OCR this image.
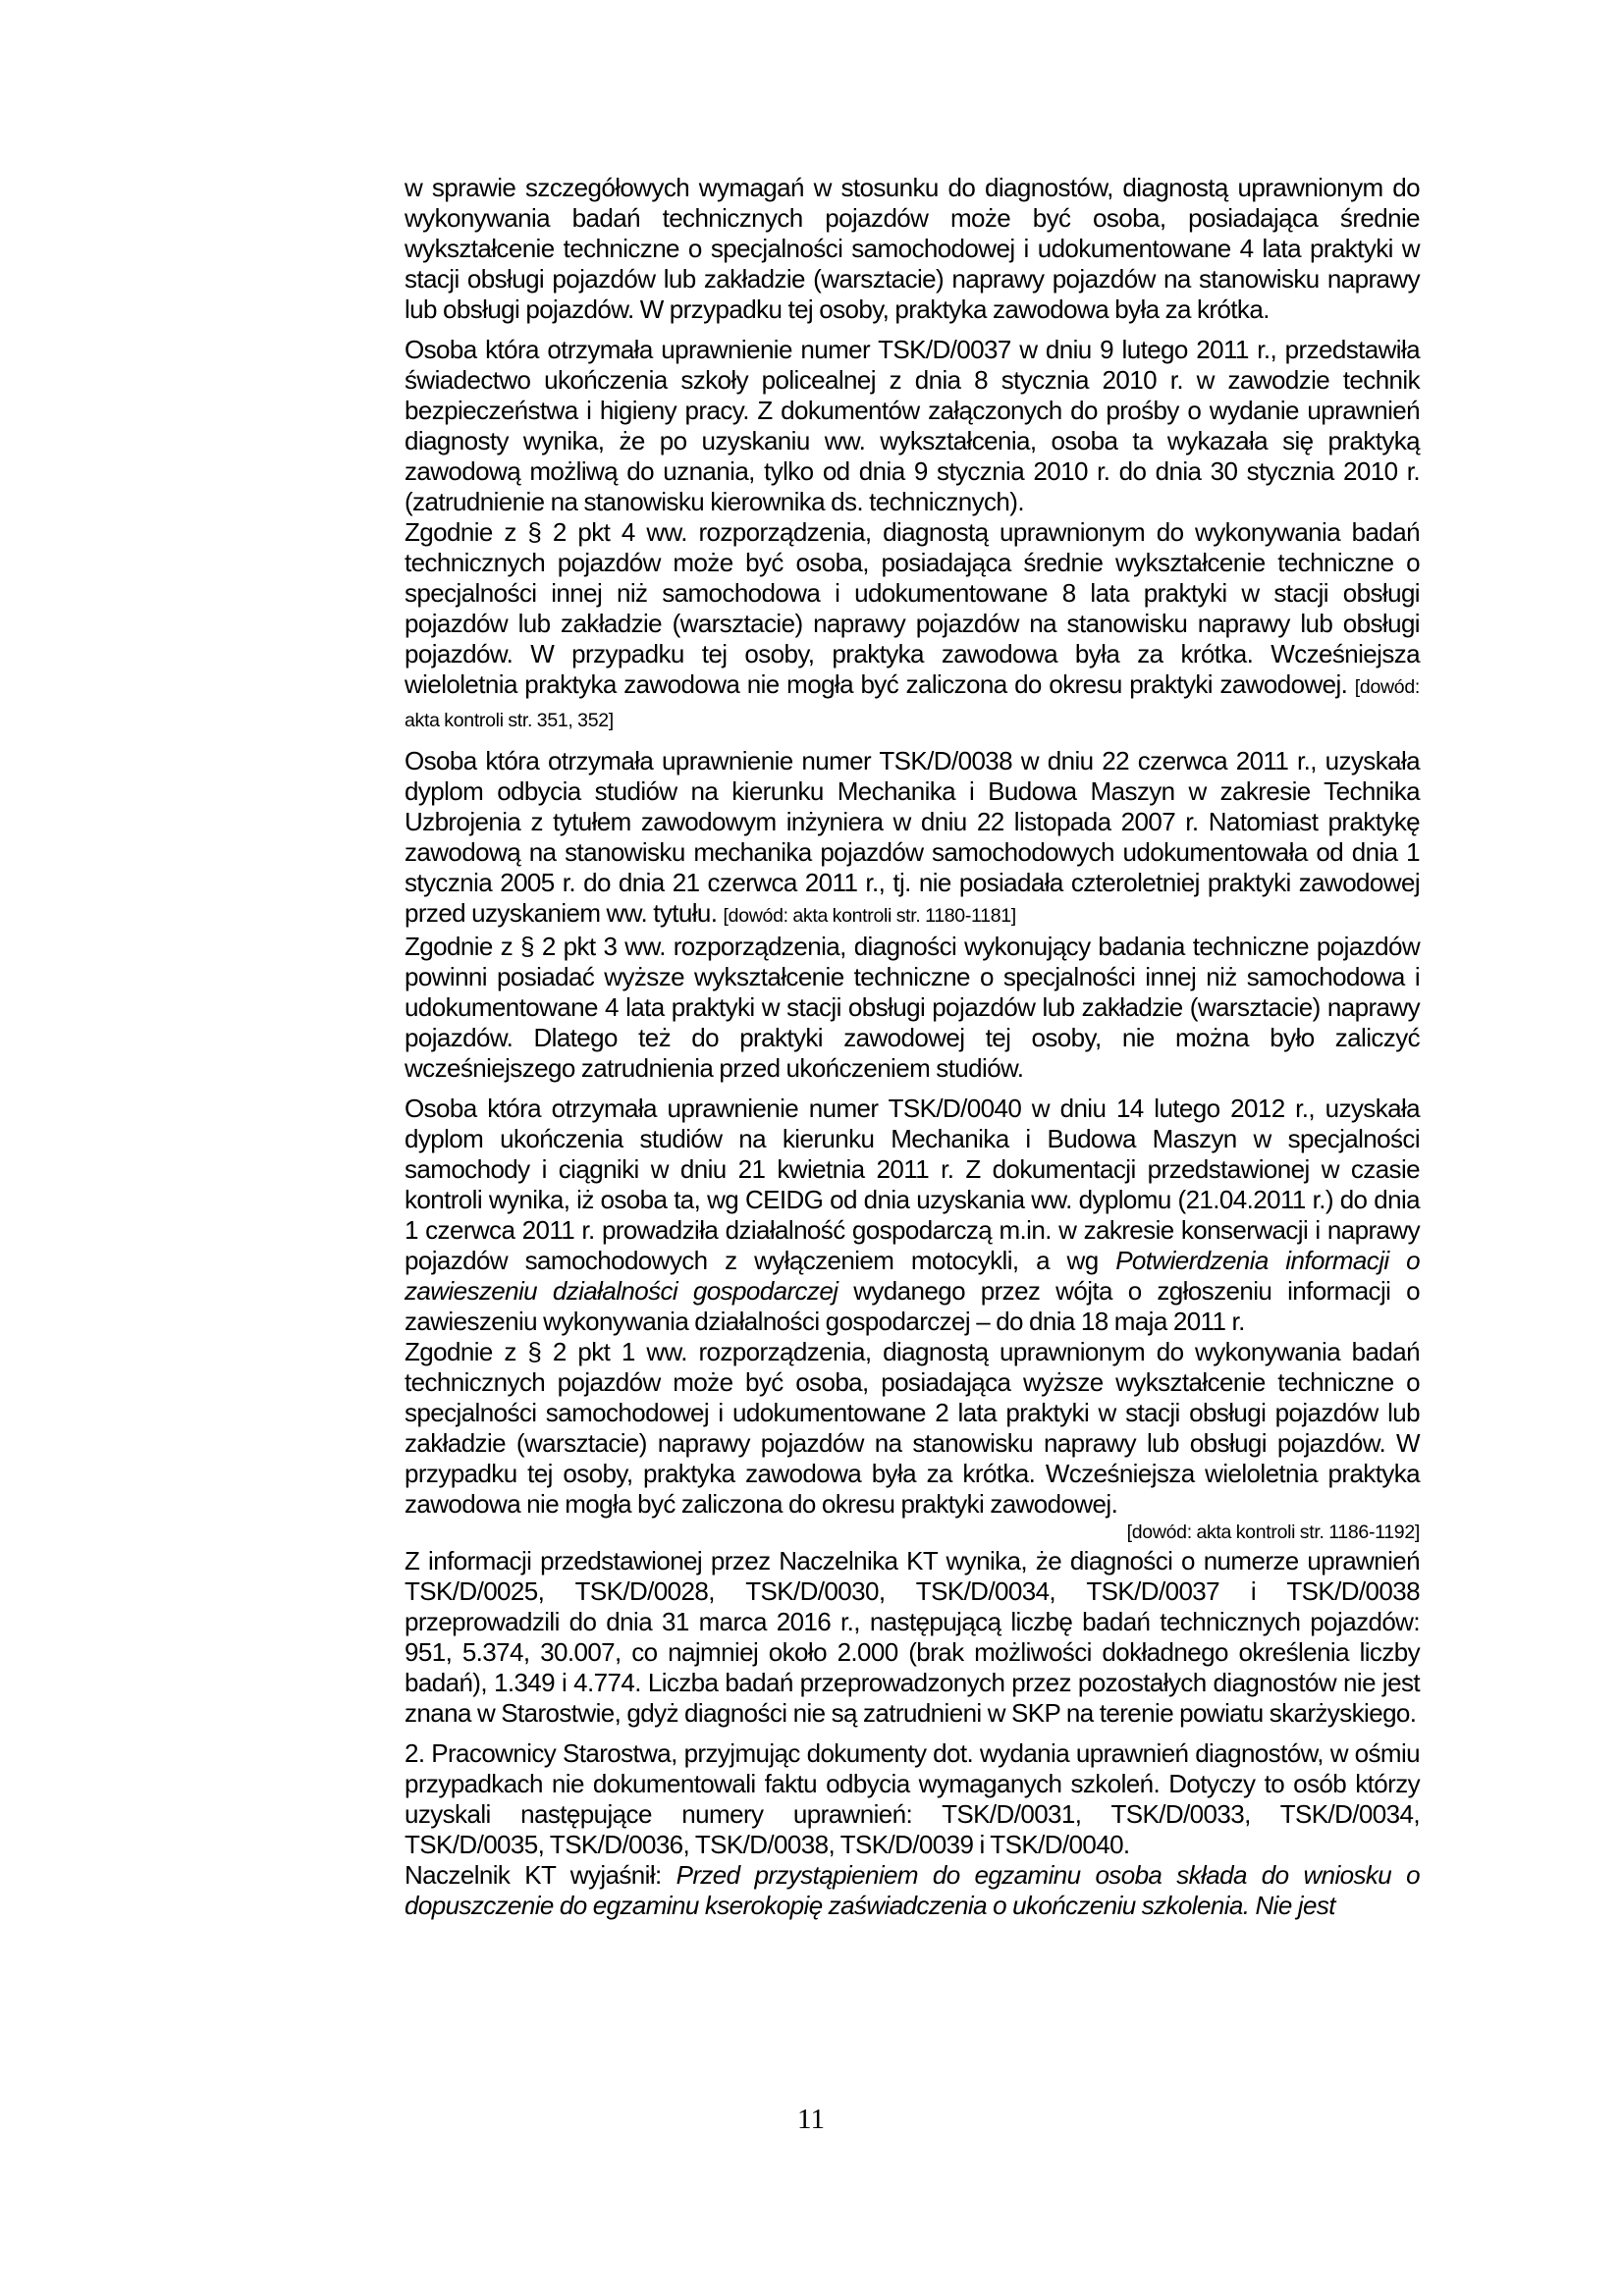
w sprawie szczegółowych wymagań w stosunku do diagnostów, diagnostą uprawnionym do wykonywania badań technicznych pojazdów może być osoba, posiadająca średnie wykształcenie techniczne o specjalności samochodowej i udokumentowane 4 lata praktyki w stacji obsługi pojazdów lub zakładzie (warsztacie) naprawy pojazdów na stanowisku naprawy lub obsługi pojazdów. W przypadku tej osoby, praktyka zawodowa była za krótka.

Osoba która otrzymała uprawnienie numer TSK/D/0037 w dniu 9 lutego 2011 r., przedstawiła świadectwo ukończenia szkoły policealnej z dnia 8 stycznia 2010 r. w zawodzie technik bezpieczeństwa i higieny pracy. Z dokumentów załączonych do prośby o wydanie uprawnień diagnosty wynika, że po uzyskaniu ww. wykształcenia, osoba ta wykazała się praktyką zawodową możliwą do uznania, tylko od dnia 9 stycznia 2010 r. do dnia 30 stycznia 2010 r. (zatrudnienie na stanowisku kierownika ds. technicznych).

Zgodnie z § 2 pkt 4 ww. rozporządzenia, diagnostą uprawnionym do wykonywania badań technicznych pojazdów może być osoba, posiadająca średnie wykształcenie techniczne o specjalności innej niż samochodowa i udokumentowane 8 lata praktyki w stacji obsługi pojazdów lub zakładzie (warsztacie) naprawy pojazdów na stanowisku naprawy lub obsługi pojazdów. W przypadku tej osoby, praktyka zawodowa była za krótka. Wcześniejsza wieloletnia praktyka zawodowa nie mogła być zaliczona do okresu praktyki zawodowej. [dowód: akta kontroli str. 351, 352]

Osoba która otrzymała uprawnienie numer TSK/D/0038 w dniu 22 czerwca 2011 r., uzyskała dyplom odbycia studiów na kierunku Mechanika i Budowa Maszyn w zakresie Technika Uzbrojenia z tytułem zawodowym inżyniera w dniu 22 listopada 2007 r. Natomiast praktykę zawodową na stanowisku mechanika pojazdów samochodowych udokumentowała od dnia 1 stycznia 2005 r. do dnia 21 czerwca 2011 r., tj. nie posiadała czteroletniej praktyki zawodowej przed uzyskaniem ww. tytułu. [dowód: akta kontroli str. 1180-1181]

Zgodnie z § 2 pkt 3 ww. rozporządzenia, diagności wykonujący badania techniczne pojazdów powinni posiadać wyższe wykształcenie techniczne o specjalności innej niż samochodowa i udokumentowane 4 lata praktyki w stacji obsługi pojazdów lub zakładzie (warsztacie) naprawy pojazdów. Dlatego też do praktyki zawodowej tej osoby, nie można było zaliczyć wcześniejszego zatrudnienia przed ukończeniem studiów.

Osoba która otrzymała uprawnienie numer TSK/D/0040 w dniu 14 lutego 2012 r., uzyskała dyplom ukończenia studiów na kierunku Mechanika i Budowa Maszyn w specjalności samochody i ciągniki w dniu 21 kwietnia 2011 r. Z dokumentacji przedstawionej w czasie kontroli wynika, iż osoba ta, wg CEIDG od dnia uzyskania ww. dyplomu (21.04.2011 r.) do dnia 1 czerwca 2011 r. prowadziła działalność gospodarczą m.in. w zakresie konserwacji i naprawy pojazdów samochodowych z wyłączeniem motocykli, a wg Potwierdzenia informacji o zawieszeniu działalności gospodarczej wydanego przez wójta o zgłoszeniu informacji o zawieszeniu wykonywania działalności gospodarczej – do dnia 18 maja 2011 r.

Zgodnie z § 2 pkt 1 ww. rozporządzenia, diagnostą uprawnionym do wykonywania badań technicznych pojazdów może być osoba, posiadająca wyższe wykształcenie techniczne o specjalności samochodowej i udokumentowane 2 lata praktyki w stacji obsługi pojazdów lub zakładzie (warsztacie) naprawy pojazdów na stanowisku naprawy lub obsługi pojazdów. W przypadku tej osoby, praktyka zawodowa była za krótka. Wcześniejsza wieloletnia praktyka zawodowa nie mogła być zaliczona do okresu praktyki zawodowej.

[dowód: akta kontroli str. 1186-1192]

Z informacji przedstawionej przez Naczelnika KT wynika, że diagności o numerze uprawnień TSK/D/0025, TSK/D/0028, TSK/D/0030, TSK/D/0034, TSK/D/0037 i TSK/D/0038 przeprowadzili do dnia 31 marca 2016 r., następującą liczbę badań technicznych pojazdów: 951, 5.374, 30.007, co najmniej około 2.000 (brak możliwości dokładnego określenia liczby badań), 1.349 i 4.774. Liczba badań przeprowadzonych przez pozostałych diagnostów nie jest znana w Starostwie, gdyż diagności nie są zatrudnieni w SKP na terenie powiatu skarżyskiego.

2. Pracownicy Starostwa, przyjmując dokumenty dot. wydania uprawnień diagnostów, w ośmiu przypadkach nie dokumentowali faktu odbycia wymaganych szkoleń. Dotyczy to osób którzy uzyskali następujące numery uprawnień: TSK/D/0031, TSK/D/0033, TSK/D/0034, TSK/D/0035, TSK/D/0036, TSK/D/0038, TSK/D/0039 i TSK/D/0040.

Naczelnik KT wyjaśnił: Przed przystąpieniem do egzaminu osoba składa do wniosku o dopuszczenie do egzaminu kserokopię zaświadczenia o ukończeniu szkolenia. Nie jest

11
